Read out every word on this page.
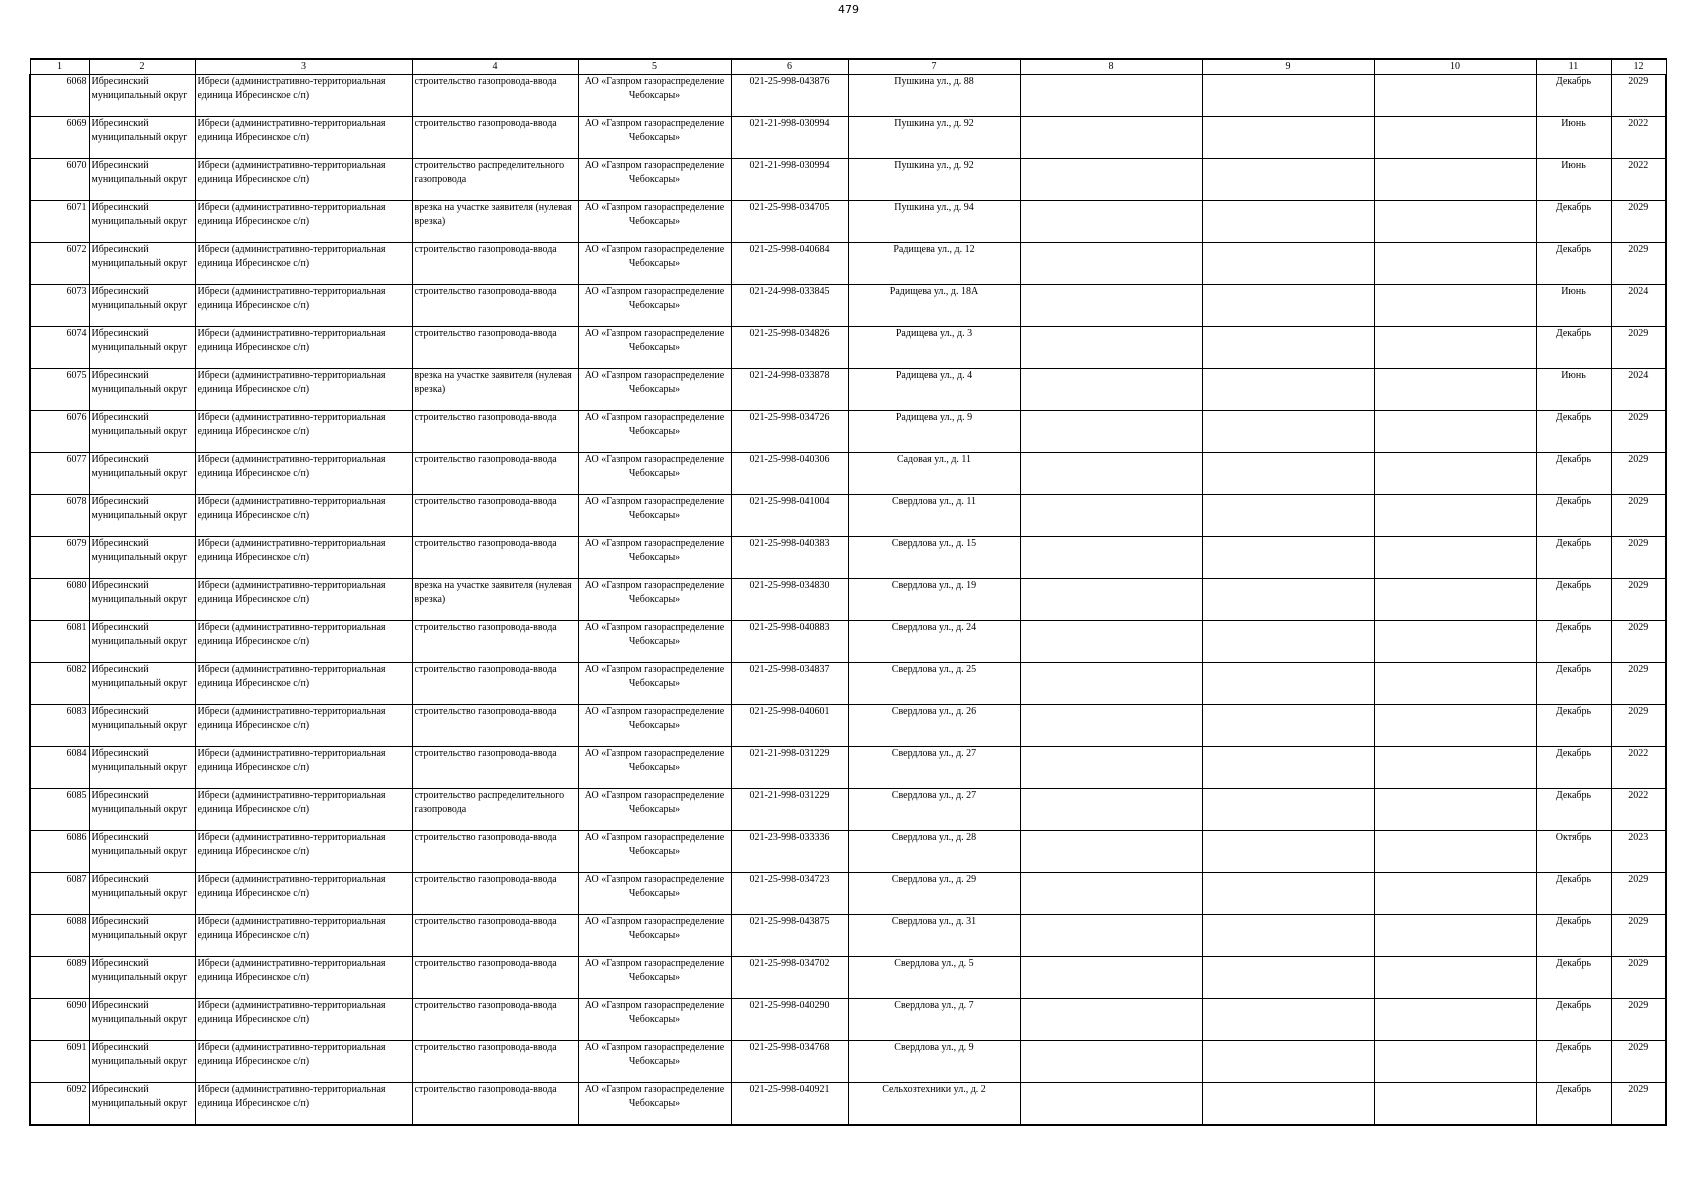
479
1	2	3	4	5	6	7	8	9	10	11	12

6068	Ибресинский муниципальный округ	Ибреси (административно-территориальная единица Ибресинское с/п)	строительство газопровода-ввода	АО «Газпром газораспределение Чебоксары»	021-25-998-043876	Пушкина ул., д. 88				Декабрь	2029

6069	Ибресинский муниципальный округ	Ибреси (административно-территориальная единица Ибресинское с/п)	строительство газопровода-ввода	АО «Газпром газораспределение Чебоксары»	021-21-998-030994	Пушкина ул., д. 92				Июнь	2022

6070	Ибресинский муниципальный округ	Ибреси (административно-территориальная единица Ибресинское с/п)	строительство распределительного газопровода	АО «Газпром газораспределение Чебоксары»	021-21-998-030994	Пушкина ул., д. 92				Июнь	2022

6071	Ибресинский муниципальный округ	Ибреси (административно-территориальная единица Ибресинское с/п)	врезка на участке заявителя (нулевая врезка)	АО «Газпром газораспределение Чебоксары»	021-25-998-034705	Пушкина ул., д. 94				Декабрь	2029

6072	Ибресинский муниципальный округ	Ибреси (административно-территориальная единица Ибресинское с/п)	строительство газопровода-ввода	АО «Газпром газораспределение Чебоксары»	021-25-998-040684	Радищева ул., д. 12				Декабрь	2029

6073	Ибресинский муниципальный округ	Ибреси (административно-территориальная единица Ибресинское с/п)	строительство газопровода-ввода	АО «Газпром газораспределение Чебоксары»	021-24-998-033845	Радищева ул., д. 18А				Июнь	2024

6074	Ибресинский муниципальный округ	Ибреси (административно-территориальная единица Ибресинское с/п)	строительство газопровода-ввода	АО «Газпром газораспределение Чебоксары»	021-25-998-034826	Радищева ул., д. 3				Декабрь	2029

6075	Ибресинский муниципальный округ	Ибреси (административно-территориальная единица Ибресинское с/п)	врезка на участке заявителя (нулевая врезка)	АО «Газпром газораспределение Чебоксары»	021-24-998-033878	Радищева ул., д. 4				Июнь	2024

6076	Ибресинский муниципальный округ	Ибреси (административно-территориальная единица Ибресинское с/п)	строительство газопровода-ввода	АО «Газпром газораспределение Чебоксары»	021-25-998-034726	Радищева ул., д. 9				Декабрь	2029

6077	Ибресинский муниципальный округ	Ибреси (административно-территориальная единица Ибресинское с/п)	строительство газопровода-ввода	АО «Газпром газораспределение Чебоксары»	021-25-998-040306	Садовая ул., д. 11				Декабрь	2029

6078	Ибресинский муниципальный округ	Ибреси (административно-территориальная единица Ибресинское с/п)	строительство газопровода-ввода	АО «Газпром газораспределение Чебоксары»	021-25-998-041004	Свердлова ул., д. 11				Декабрь	2029

6079	Ибресинский муниципальный округ	Ибреси (административно-территориальная единица Ибресинское с/п)	строительство газопровода-ввода	АО «Газпром газораспределение Чебоксары»	021-25-998-040383	Свердлова ул., д. 15				Декабрь	2029

6080	Ибресинский муниципальный округ	Ибреси (административно-территориальная единица Ибресинское с/п)	врезка на участке заявителя (нулевая врезка)	АО «Газпром газораспределение Чебоксары»	021-25-998-034830	Свердлова ул., д. 19				Декабрь	2029

6081	Ибресинский муниципальный округ	Ибреси (административно-территориальная единица Ибресинское с/п)	строительство газопровода-ввода	АО «Газпром газораспределение Чебоксары»	021-25-998-040883	Свердлова ул., д. 24				Декабрь	2029

6082	Ибресинский муниципальный округ	Ибреси (административно-территориальная единица Ибресинское с/п)	строительство газопровода-ввода	АО «Газпром газораспределение Чебоксары»	021-25-998-034837	Свердлова ул., д. 25				Декабрь	2029

6083	Ибресинский муниципальный округ	Ибреси (административно-территориальная единица Ибресинское с/п)	строительство газопровода-ввода	АО «Газпром газораспределение Чебоксары»	021-25-998-040601	Свердлова ул., д. 26				Декабрь	2029

6084	Ибресинский муниципальный округ	Ибреси (административно-территориальная единица Ибресинское с/п)	строительство газопровода-ввода	АО «Газпром газораспределение Чебоксары»	021-21-998-031229	Свердлова ул., д. 27				Декабрь	2022

6085	Ибресинский муниципальный округ	Ибреси (административно-территориальная единица Ибресинское с/п)	строительство распределительного газопровода	АО «Газпром газораспределение Чебоксары»	021-21-998-031229	Свердлова ул., д. 27				Декабрь	2022

6086	Ибресинский муниципальный округ	Ибреси (административно-территориальная единица Ибресинское с/п)	строительство газопровода-ввода	АО «Газпром газораспределение Чебоксары»	021-23-998-033336	Свердлова ул., д. 28				Октябрь	2023

6087	Ибресинский муниципальный округ	Ибреси (административно-территориальная единица Ибресинское с/п)	строительство газопровода-ввода	АО «Газпром газораспределение Чебоксары»	021-25-998-034723	Свердлова ул., д. 29				Декабрь	2029

6088	Ибресинский муниципальный округ	Ибреси (административно-территориальная единица Ибресинское с/п)	строительство газопровода-ввода	АО «Газпром газораспределение Чебоксары»	021-25-998-043875	Свердлова ул., д. 31				Декабрь	2029

6089	Ибресинский муниципальный округ	Ибреси (административно-территориальная единица Ибресинское с/п)	строительство газопровода-ввода	АО «Газпром газораспределение Чебоксары»	021-25-998-034702	Свердлова ул., д. 5				Декабрь	2029

6090	Ибресинский муниципальный округ	Ибреси (административно-территориальная единица Ибресинское с/п)	строительство газопровода-ввода	АО «Газпром газораспределение Чебоксары»	021-25-998-040290	Свердлова ул., д. 7				Декабрь	2029

6091	Ибресинский муниципальный округ	Ибреси (административно-территориальная единица Ибресинское с/п)	строительство газопровода-ввода	АО «Газпром газораспределение Чебоксары»	021-25-998-034768	Свердлова ул., д. 9				Декабрь	2029

6092	Ибресинский муниципальный округ	Ибреси (административно-территориальная единица Ибресинское с/п)	строительство газопровода-ввода	АО «Газпром газораспределение Чебоксары»	021-25-998-040921	Сельхозтехники ул., д. 2				Декабрь	2029
